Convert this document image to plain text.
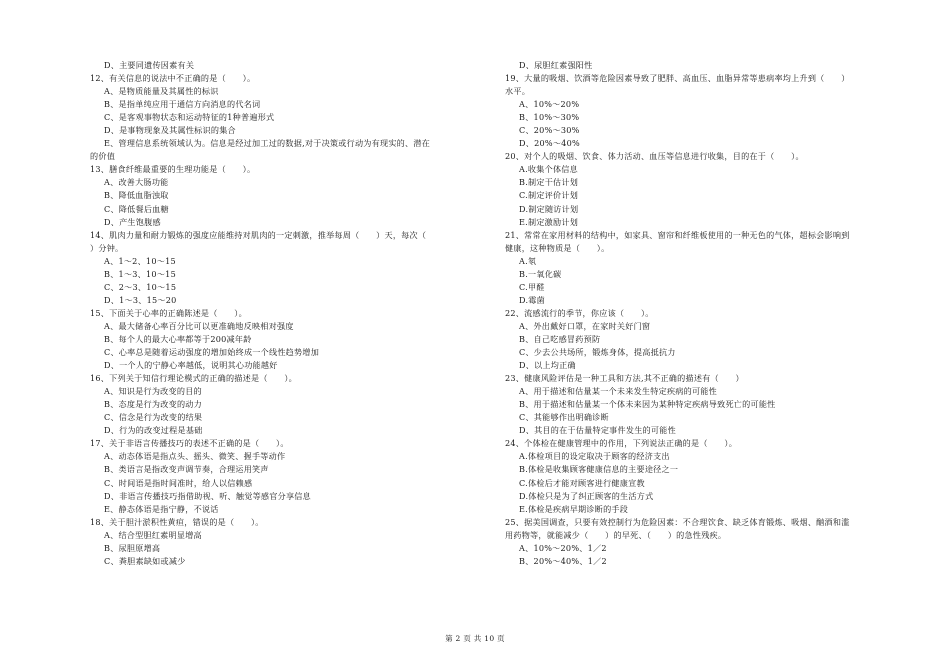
D、主要同遗传因素有关
12、有关信息的说法中不正确的是（　　）。
A、是物质能量及其属性的标识
B、是指单纯应用于通信方向消息的代名词
C、是客观事物状态和运动特征的1种普遍形式
D、是事物现象及其属性标识的集合
E、管理信息系统领域认为。信息是经过加工过的数据,对于决策或行动为有现实的、潜在
的价值
13、膳食纤维最重要的生理功能是（　　）。
A、改善大肠功能
B、降低血脂浊取
C、降低餐后血糖
D、产生饱腹感
14、肌肉力量和耐力锻炼的强度应能维持对肌肉的一定刺激，推举每周（　　）天，每次（　　
）分钟。
A、1～2、10～15
B、1～3、10～15
C、2～3、10～15
D、1～3、15～20
15、下面关于心率的正确陈述是（　　）。
A、最大储备心率百分比可以更准确地反映相对强度
B、每个人的最大心率都等于200减年龄
C、心率总是随着运动强度的增加始终成一个线性趋势增加
D、一个人的宁静心率越低，说明其心功能越好
16、下列关于知信行理论模式的正确的描述是（　　）。
A、知识是行为改变的目的
B、态度是行为改变的动力
C、信念是行为改变的结果
D、行为的改变过程是基础
17、关于非语言传播技巧的表述不正确的是（　　）。
A、动态体语是指点头、摇头、微笑、握手等动作
B、类语言是指改变声调节奏，合理运用笑声
C、时间语是指时间准时，给人以信赖感
D、非语言传播技巧指借助视、听、触觉等感官分享信息
E、静态体语是指宁静，不说话
18、关于胆汁淤积性黄疸，错误的是（　　）。
A、结合型胆红素明显增高
B、尿胆原增高
C、粪胆素缺如或减少
D、尿胆红素强阳性
19、大量的吸烟、饮酒等危险因素导致了肥胖、高血压、血脂异常等患病率均上升到（　　）
水平。
A、10%～20%
B、10%～30%
C、20%～30%
D、20%～40%
20、对个人的吸烟、饮食、体力活动、血压等信息进行收集，目的在于（　　）。
A.收集个体信息
B.制定干估计划
C.制定评价计划
D.制定随访计划
E.制定激励计划
21、常常在家用材料的结构中，如家具、窗帘和纤维板使用的一种无色的气体，超标会影响到
健康，这种物质是（　　）。
A.氡
B.一氧化碳
C.甲醛
D.霉菌
22、流感流行的季节，你应该（　　）。
A、外出戴好口罩，在家时关好门窗
B、自己吃感冒药预防
C、少去公共场所，锻炼身体，提高抵抗力
D、以上均正确
23、健康风险评估是一种工具和方法,其不正确的描述有（　　）
A、用于描述和估量某一个未来发生特定疾病的可能性
B、用于描述和估量某一个体未来因为某种特定疾病导致死亡的可能性
C、其能够作出明确诊断
D、其目的在于估量特定事件发生的可能性
24、个体检在健康管理中的作用，下列说法正确的是（　　）。
A.体检项目的设定取决于顾客的经济支出
B.体检是收集顾客健康信息的主要途径之一
C.体检后才能对顾客进行健康宣教
D.体检只是为了纠正顾客的生活方式
E.体检是疾病早期诊断的手段
25、据美国调查，只要有效控制行为危险因素：不合理饮食、缺乏体育锻炼、吸烟、酗酒和滥
用药物等，就能减少（　　）的早死、（　　）的急性残疾。
A、10%～20%、1／2
B、20%～40%、1／2
第 2 页 共 10 页
